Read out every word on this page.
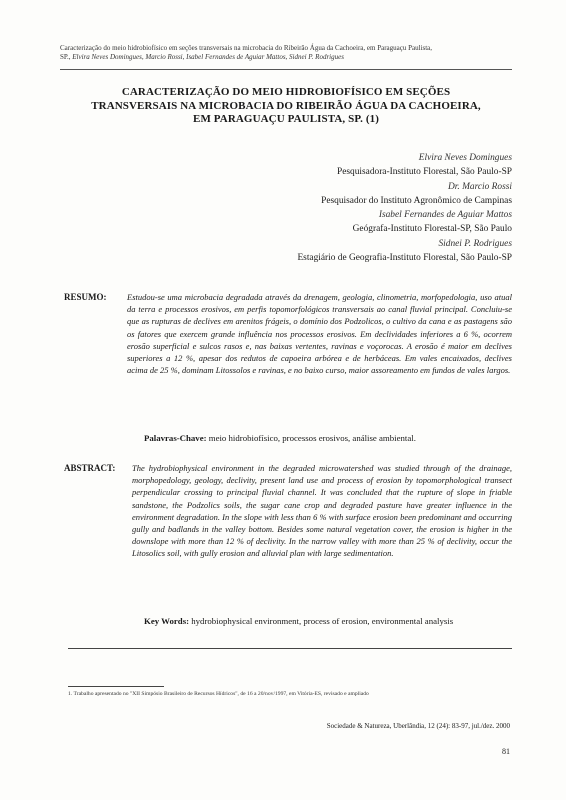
Caracterização do meio hidrobiofísico em seções transversais na microbacia do Ribeirão Água da Cachoeira, em Paraguaçu Paulista,
SP., Elvira Neves Domingues, Marcio Rossi, Isabel Fernandes de Aguiar Mattos, Sidnei P. Rodrigues
CARACTERIZAÇÃO DO MEIO HIDROBIOFÍSICO EM SEÇÕES
TRANSVERSAIS NA MICROBACIA DO RIBEIRÃO ÁGUA DA CACHOEIRA,
EM PARAGUAÇU PAULISTA, SP. (1)
Elvira Neves Domingues
Pesquisadora-Instituto Florestal, São Paulo-SP
Dr. Marcio Rossi
Pesquisador do Instituto Agronômico de Campinas
Isabel Fernandes de Aguiar Mattos
Geógrafa-Instituto Florestal-SP, São Paulo
Sidnei P. Rodrigues
Estagiário de Geografia-Instituto Florestal, São Paulo-SP
RESUMO: Estudou-se uma microbacia degradada através da drenagem, geologia, clinometria, morfopedologia, uso atual da terra e processos erosivos, em perfis topomorfológicos transversais ao canal fluvial principal. Concluiu-se que as rupturas de declives em arenitos frágeis, o domínio dos Podzolicos, o cultivo da cana e as pastagens são os fatores que exercem grande influência nos processos erosivos. Em declividades inferiores a 6 %, ocorrem erosão superficial e sulcos rasos e, nas baixas vertentes, ravinas e voçorocas. A erosão é maior em declives superiores a 12 %, apesar dos redutos de capoeira arbórea e de herbáceas. Em vales encaixados, declives acima de 25 %, dominam Litossolos e ravinas, e no baixo curso, maior assoreamento em fundos de vales largos.
Palavras-Chave: meio hidrobiofísico, processos erosivos, análise ambiental.
ABSTRACT: The hydrobiophysical environment in the degraded microwatershed was studied through of the drainage, morphopedology, geology, declivity, present land use and process of erosion by topomorphological transect perpendicular crossing to principal fluvial channel. It was concluded that the rupture of slope in friable sandstone, the Podzolics soils, the sugar cane crop and degraded pasture have greater influence in the environment degradation. In the slope with less than 6 % with surface erosion been predominant and occurring gully and badlands in the valley bottom. Besides some natural vegetation cover, the erosion is higher in the downslope with more than 12 % of declivity. In the narrow valley with more than 25 % of declivity, occur the Litosolics soil, with gully erosion and alluvial plan with large sedimentation.
Key Words: hydrobiophysical environment, process of erosion, environmental analysis
1. Trabalho apresentado no "XII Simpósio Brasileiro de Recursos Hídricos", de 16 a 20/nov/1997, em Vitória-ES, revisado e ampliado
Sociedade & Natureza, Uberlândia, 12 (24): 83-97, jul./dez. 2000
81
